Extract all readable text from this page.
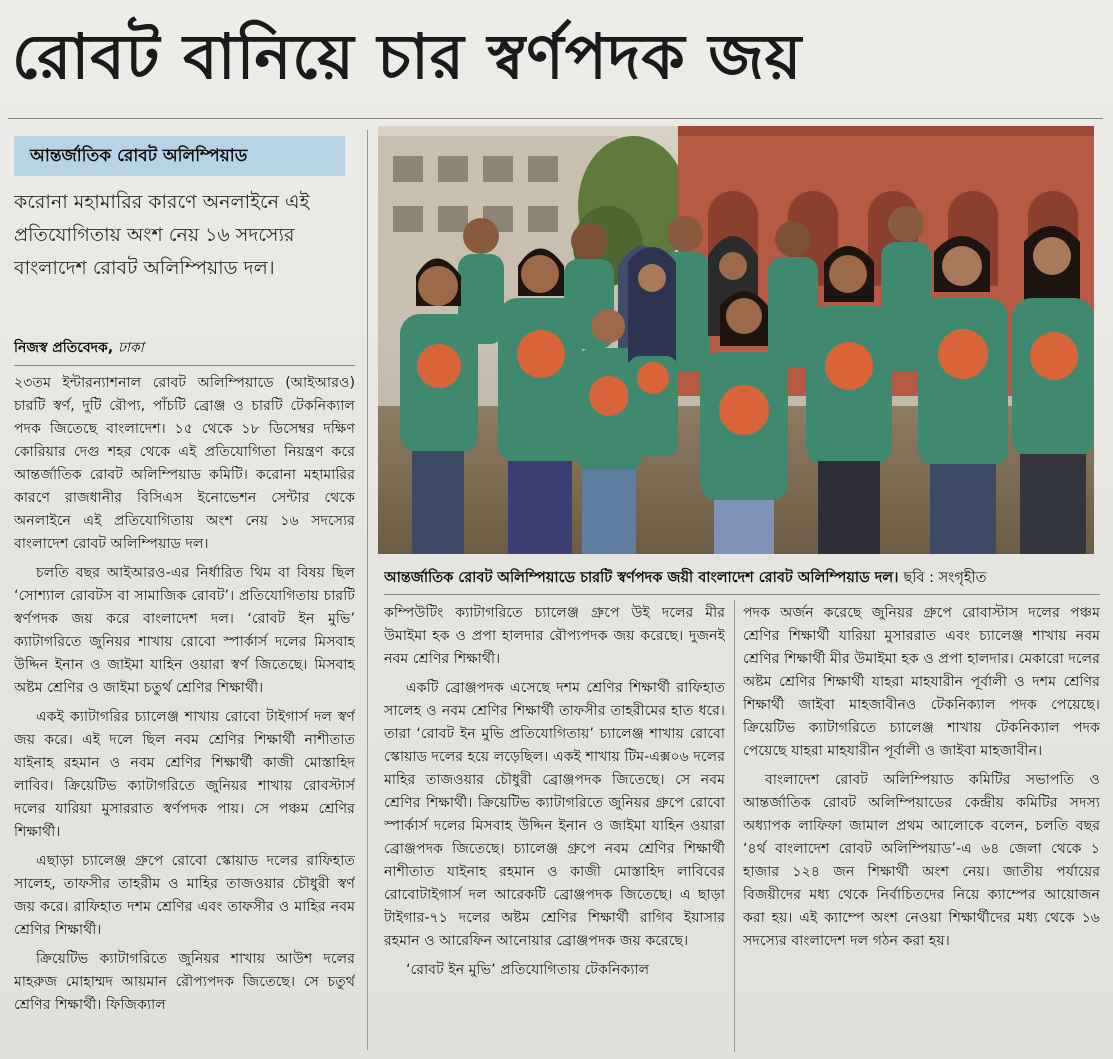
রোবট বানিয়ে চার স্বর্ণপদক জয়
আন্তর্জাতিক রোবট অলিম্পিয়াড
করোনা মহামারির কারণে অনলাইনে এই প্রতিযোগিতায় অংশ নেয় ১৬ সদস্যের বাংলাদেশ রোবট অলিম্পিয়াড দল।
নিজস্ব প্রতিবেদক, ঢাকা
আন্তর্জাতিক রোবট অলিম্পিয়াডে চারটি স্বর্ণপদক জয়ী বাংলাদেশ রোবট অলিম্পিয়াড দল। ছবি : সংগৃহীত

২৩তম ইন্টারন্যাশনাল রোবট অলিম্পিয়াডে (আইআরও) চারটি স্বর্ণ, দুটি রৌপ্য, পাঁচটি ব্রোঞ্জ ও চারটি টেকনিক্যাল পদক জিতেছে বাংলাদেশ। ১৫ থেকে ১৮ ডিসেম্বর দক্ষিণ কোরিয়ার দেগু শহর থেকে এই প্রতিযোগিতা নিয়ন্ত্রণ করে আন্তর্জাতিক রোবট অলিম্পিয়াড কমিটি। করোনা মহামারির কারণে রাজধানীর বিসিএস ইনোভেশন সেন্টার থেকে অনলাইনে এই প্রতিযোগিতায় অংশ নেয় ১৬ সদস্যের বাংলাদেশ রোবট অলিম্পিয়াড দল।

চলতি বছর আইআরও-এর নির্ধারিত থিম বা বিষয় ছিল ‘সোশ্যাল রোবটস বা সামাজিক রোবট’। প্রতিযোগিতায় চারটি স্বর্ণপদক জয় করে বাংলাদেশ দল। ‘রোবট ইন মুভি’ ক্যাটাগরিতে জুনিয়র শাখায় রোবো স্পার্কার্স দলের মিসবাহ উদ্দিন ইনান ও জাইমা যাহিন ওয়ারা স্বর্ণ জিতেছে। মিসবাহ অষ্টম শ্রেণির ও জাইমা চতুর্থ শ্রেণির শিক্ষার্থী।

একই ক্যাটাগরির চ্যালেঞ্জ শাখায় রোবো টাইগার্স দল স্বর্ণ জয় করে। এই দলে ছিল নবম শ্রেণির শিক্ষার্থী নাশীতাত যাইনাহ রহমান ও নবম শ্রেণির শিক্ষার্থী কাজী মোস্তাহিদ লাবিব। ক্রিয়েটিভ ক্যাটাগরিতে জুনিয়র শাখায় রোবস্টার্স দলের যারিয়া মুসাররাত স্বর্ণপদক পায়। সে পঞ্চম শ্রেণির শিক্ষার্থী।

এছাড়া চ্যালেঞ্জ গ্রুপে রোবো স্কোয়াড দলের রাফিহাত সালেহ, তাফসীর তাহরীম ও মাহির তাজওয়ার চৌধুরী স্বর্ণ জয় করে। রাফিহাত দশম শ্রেণির এবং তাফসীর ও মাহির নবম শ্রেণির শিক্ষার্থী।

ক্রিয়েটিভ ক্যাটাগরিতে জুনিয়র শাখায় আউশ দলের মাহরুজ মোহাম্মদ আয়মান রৌপ্যপদক জিতেছে। সে চতুর্থ শ্রেণির শিক্ষার্থী। ফিজিক্যাল

কম্পিউটিং ক্যাটাগরিতে চ্যালেঞ্জ গ্রুপে উই দলের মীর উমাইমা হক ও প্রপা হালদার রৌপ্যপদক জয় করেছে। দুজনই নবম শ্রেণির শিক্ষার্থী।

একটি ব্রোঞ্জপদক এসেছে দশম শ্রেণির শিক্ষার্থী রাফিহাত সালেহ ও নবম শ্রেণির শিক্ষার্থী তাফসীর তাহরীমের হাত ধরে। তারা ‘রোবট ইন মুভি প্রতিযোগিতায়’ চ্যালেঞ্জ শাখায় রোবো স্কোয়াড দলের হয়ে লড়েছিল। একই শাখায় টিম-এক্স০৬ দলের মাহির তাজওয়ার চৌধুরী ব্রোঞ্জপদক জিতেছে। সে নবম শ্রেণির শিক্ষার্থী। ক্রিয়েটিভ ক্যাটাগরিতে জুনিয়র গ্রুপে রোবো স্পার্কার্স দলের মিসবাহ উদ্দিন ইনান ও জাইমা যাহিন ওয়ারা ব্রোঞ্জপদক জিতেছে। চ্যালেঞ্জ গ্রুপে নবম শ্রেণির শিক্ষার্থী নাশীতাত যাইনাহ রহমান ও কাজী মোস্তাহিদ লাবিবের রোবোটাইগার্স দল আরেকটি ব্রোঞ্জপদক জিতেছে। এ ছাড়া টাইগার-৭১ দলের অষ্টম শ্রেণির শিক্ষার্থী রাগিব ইয়াসার রহমান ও আরেফিন আনোয়ার ব্রোঞ্জপদক জয় করেছে।

‘রোবট ইন মুভি’ প্রতিযোগিতায় টেকনিক্যাল

পদক অর্জন করেছে জুনিয়র গ্রুপে রোবাস্টাস দলের পঞ্চম শ্রেণির শিক্ষার্থী যারিয়া মুসাররাত এবং চ্যালেঞ্জ শাখায় নবম শ্রেণির শিক্ষার্থী মীর উমাইমা হক ও প্রপা হালদার। মেকারো দলের অষ্টম শ্রেণির শিক্ষার্থী যাহরা মাহযারীন পূর্বালী ও দশম শ্রেণির শিক্ষার্থী জাইবা মাহজাবীনও টেকনিক্যাল পদক পেয়েছে। ক্রিয়েটিভ ক্যাটাগরিতে চ্যালেঞ্জ শাখায় টেকনিক্যাল পদক পেয়েছে যাহরা মাহযারীন পূর্বালী ও জাইবা মাহজাবীন।

বাংলাদেশ রোবট অলিম্পিয়াড কমিটির সভাপতি ও আন্তর্জাতিক রোবট অলিম্পিয়াডের কেন্দ্রীয় কমিটির সদস্য অধ্যাপক লাফিফা জামাল প্রথম আলোকে বলেন, চলতি বছর ‘৪র্থ বাংলাদেশ রোবট অলিম্পিয়াড’-এ ৬৪ জেলা থেকে ১ হাজার ১২৪ জন শিক্ষার্থী অংশ নেয়। জাতীয় পর্যায়ের বিজয়ীদের মধ্য থেকে নির্বাচিতদের নিয়ে ক্যাম্পের আয়োজন করা হয়। এই ক্যাম্পে অংশ নেওয়া শিক্ষার্থীদের মধ্য থেকে ১৬ সদস্যের বাংলাদেশ দল গঠন করা হয়।
